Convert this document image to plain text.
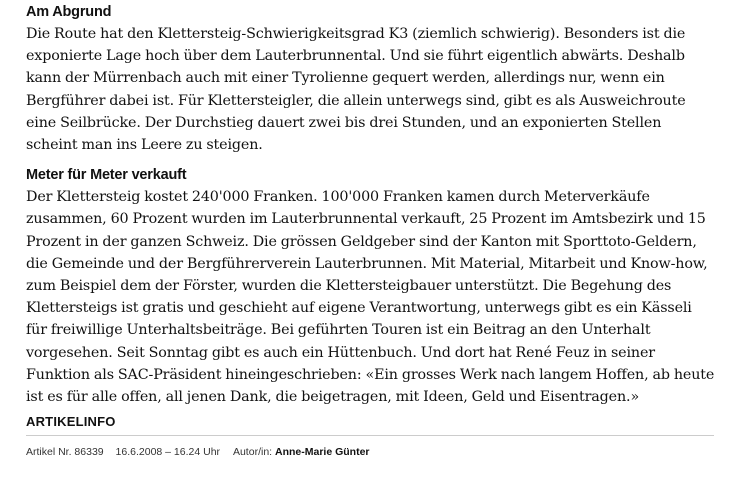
Am Abgrund

Die Route hat den Klettersteig-Schwierigkeitsgrad K3 (ziemlich schwierig). Besonders ist die exponierte Lage hoch über dem Lauterbrunnental. Und sie führt eigentlich abwärts. Deshalb kann der Mürrenbach auch mit einer Tyrolienne gequert werden, allerdings nur, wenn ein Bergführer dabei ist. Für Klettersteigler, die allein unterwegs sind, gibt es als Ausweichroute eine Seilbrücke. Der Durchstieg dauert zwei bis drei Stunden, und an exponierten Stellen scheint man ins Leere zu steigen.

Meter für Meter verkauft

Der Klettersteig kostet 240'000 Franken. 100'000 Franken kamen durch Meterverkäufe zusammen, 60 Prozent wurden im Lauterbrunnental verkauft, 25 Prozent im Amtsbezirk und 15 Prozent in der ganzen Schweiz. Die grössen Geldgeber sind der Kanton mit Sporttoto-Geldern, die Gemeinde und der Bergführerverein Lauterbrunnen. Mit Material, Mitarbeit und Know-how, zum Beispiel dem der Förster, wurden die Klettersteigbauer unterstützt. Die Begehung des Klettersteigs ist gratis und geschieht auf eigene Verantwortung, unterwegs gibt es ein Kässeli für freiwillige Unterhaltsbeiträge. Bei geführten Touren ist ein Beitrag an den Unterhalt vorgesehen. Seit Sonntag gibt es auch ein Hüttenbuch. Und dort hat René Feuz in seiner Funktion als SAC-Präsident hineingeschrieben: «Ein grosses Werk nach langem Hoffen, ab heute ist es für alle offen, all jenen Dank, die beigetragen, mit Ideen, Geld und Eisentragen.»

ARTIKELINFO
Artikel Nr. 86339 16.6.2008 – 16.24 Uhr Autor/in: Anne-Marie Günter
